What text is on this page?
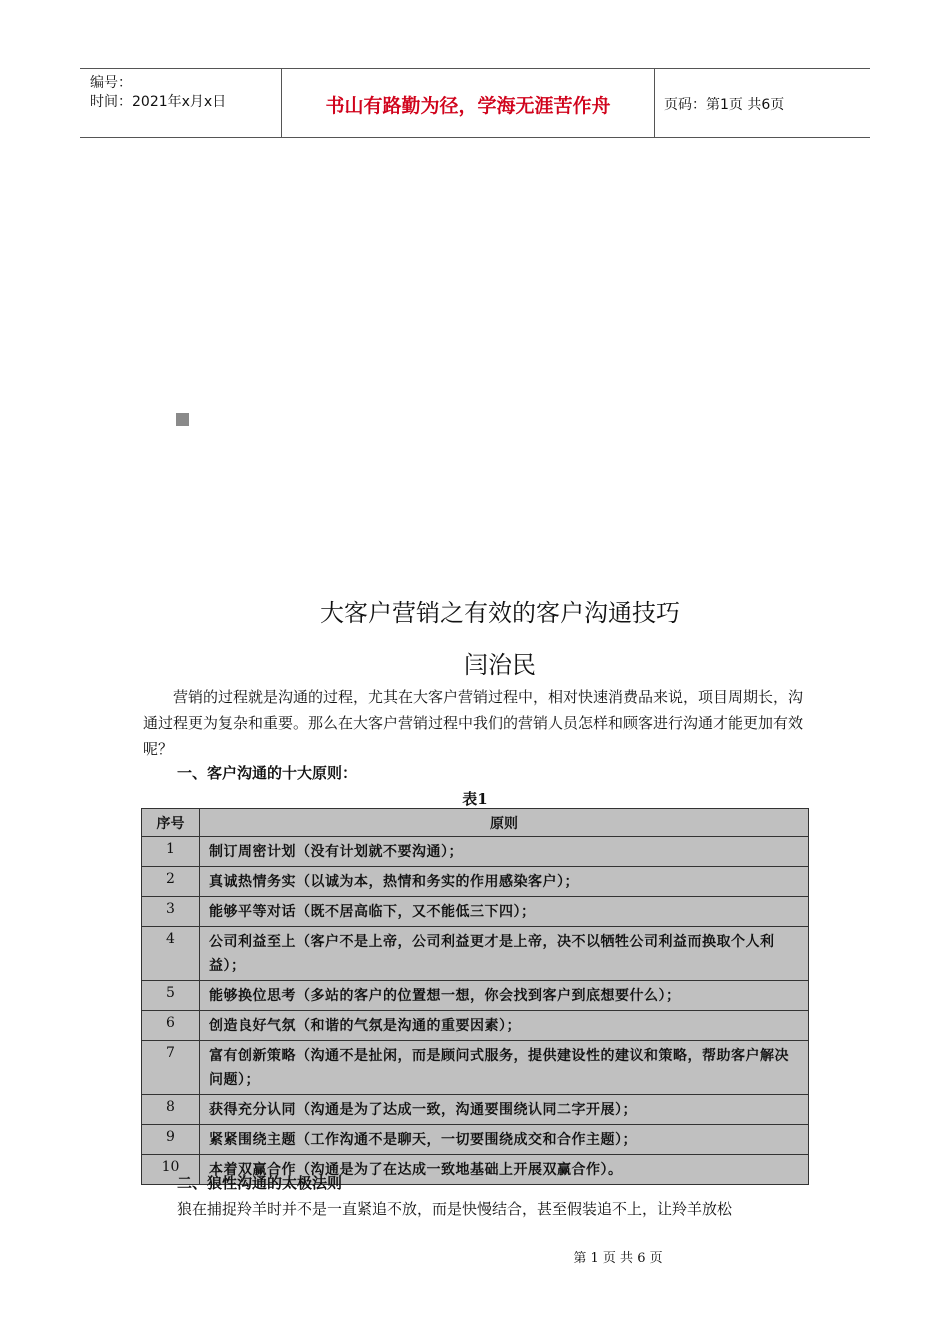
编号：
时间：2021年x月x日	书山有路勤为径，学海无涯苦作舟	页码：第1页 共6页
大客户营销之有效的客户沟通技巧
闫治民

营销的过程就是沟通的过程，尤其在大客户营销过程中，相对快速消费品来说，项目周期长，沟通过程更为复杂和重要。那么在大客户营销过程中我们的营销人员怎样和顾客进行沟通才能更加有效呢？

一、客户沟通的十大原则：
表1
序号	原则
1	制订周密计划（没有计划就不要沟通）；
2	真诚热情务实（以诚为本，热情和务实的作用感染客户）；
3	能够平等对话（既不居高临下，又不能低三下四）；
4	公司利益至上（客户不是上帝，公司利益更才是上帝，决不以牺牲公司利益而换取个人利益）；
5	能够换位思考（多站的客户的位置想一想，你会找到客户到底想要什么）；
6	创造良好气氛（和谐的气氛是沟通的重要因素）；
7	富有创新策略（沟通不是扯闲，而是顾问式服务，提供建设性的建议和策略，帮助客户解决问题）；
8	获得充分认同（沟通是为了达成一致，沟通要围绕认同二字开展）；
9	紧紧围绕主题（工作沟通不是聊天，一切要围绕成交和合作主题）；
10	本着双赢合作（沟通是为了在达成一致地基础上开展双赢合作）。
二、狼性沟通的太极法则

狼在捕捉羚羊时并不是一直紧追不放，而是快慢结合，甚至假装追不上，让羚羊放松

第 1 页 共 6 页
